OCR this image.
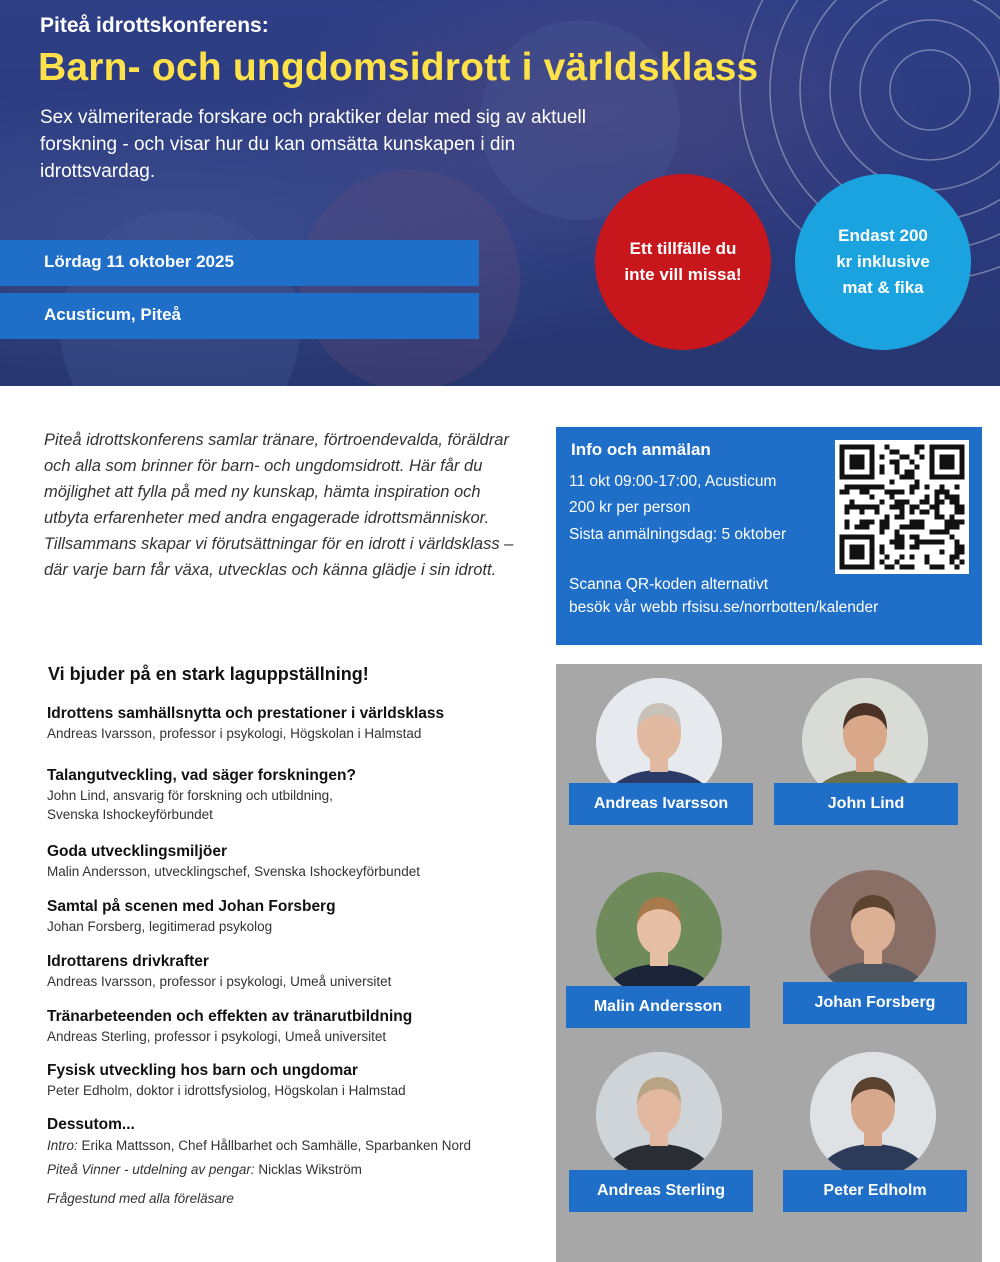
Piteå idrottskonferens:
Barn- och ungdomsidrott i världsklass
Sex välmeriterade forskare och praktiker delar med sig av aktuell forskning - och visar hur du kan omsätta kunskapen i din idrottsvardag.
Lördag 11 oktober 2025
Acusticum, Piteå
Ett tillfälle du inte vill missa!
Endast 200 kr inklusive mat & fika
Piteå idrottskonferens samlar tränare, förtroendevalda, föräldrar och alla som brinner för barn- och ungdomsidrott. Här får du möjlighet att fylla på med ny kunskap, hämta inspiration och utbyta erfarenheter med andra engagerade idrottsmänniskor. Tillsammans skapar vi förutsättningar för en idrott i världsklass – där varje barn får växa, utvecklas och känna glädje i sin idrott.
Info och anmälan
11 okt 09:00-17:00, Acusticum
200 kr per person
Sista anmälningsdag: 5 oktober
Scanna QR-koden alternativt
besök vår webb rfsisu.se/norrbotten/kalender
Vi bjuder på en stark laguppställning!
Idrottens samhällsnytta och prestationer i världsklass
Andreas Ivarsson, professor i psykologi, Högskolan i Halmstad
Talangutveckling, vad säger forskningen?
John Lind, ansvarig för forskning och utbildning,
Svenska Ishockeyförbundet
Goda utvecklingsmiljöer
Malin Andersson, utvecklingschef, Svenska Ishockeyförbundet
Samtal på scenen med Johan Forsberg
Johan Forsberg, legitimerad psykolog
Idrottarens drivkrafter
Andreas Ivarsson, professor i psykologi, Umeå universitet
Tränarbeteenden och effekten av tränarutbildning
Andreas Sterling, professor i psykologi, Umeå universitet
Fysisk utveckling hos barn och ungdomar
Peter Edholm, doktor i idrottsfysiolog, Högskolan i Halmstad
Dessutom...
Intro: Erika Mattsson, Chef Hållbarhet och Samhälle, Sparbanken Nord
Piteå Vinner - utdelning av pengar: Nicklas Wikström
Frågestund med alla föreläsare
Andreas Ivarsson	John Lind
Malin Andersson	Johan Forsberg
Andreas Sterling	Peter Edholm
